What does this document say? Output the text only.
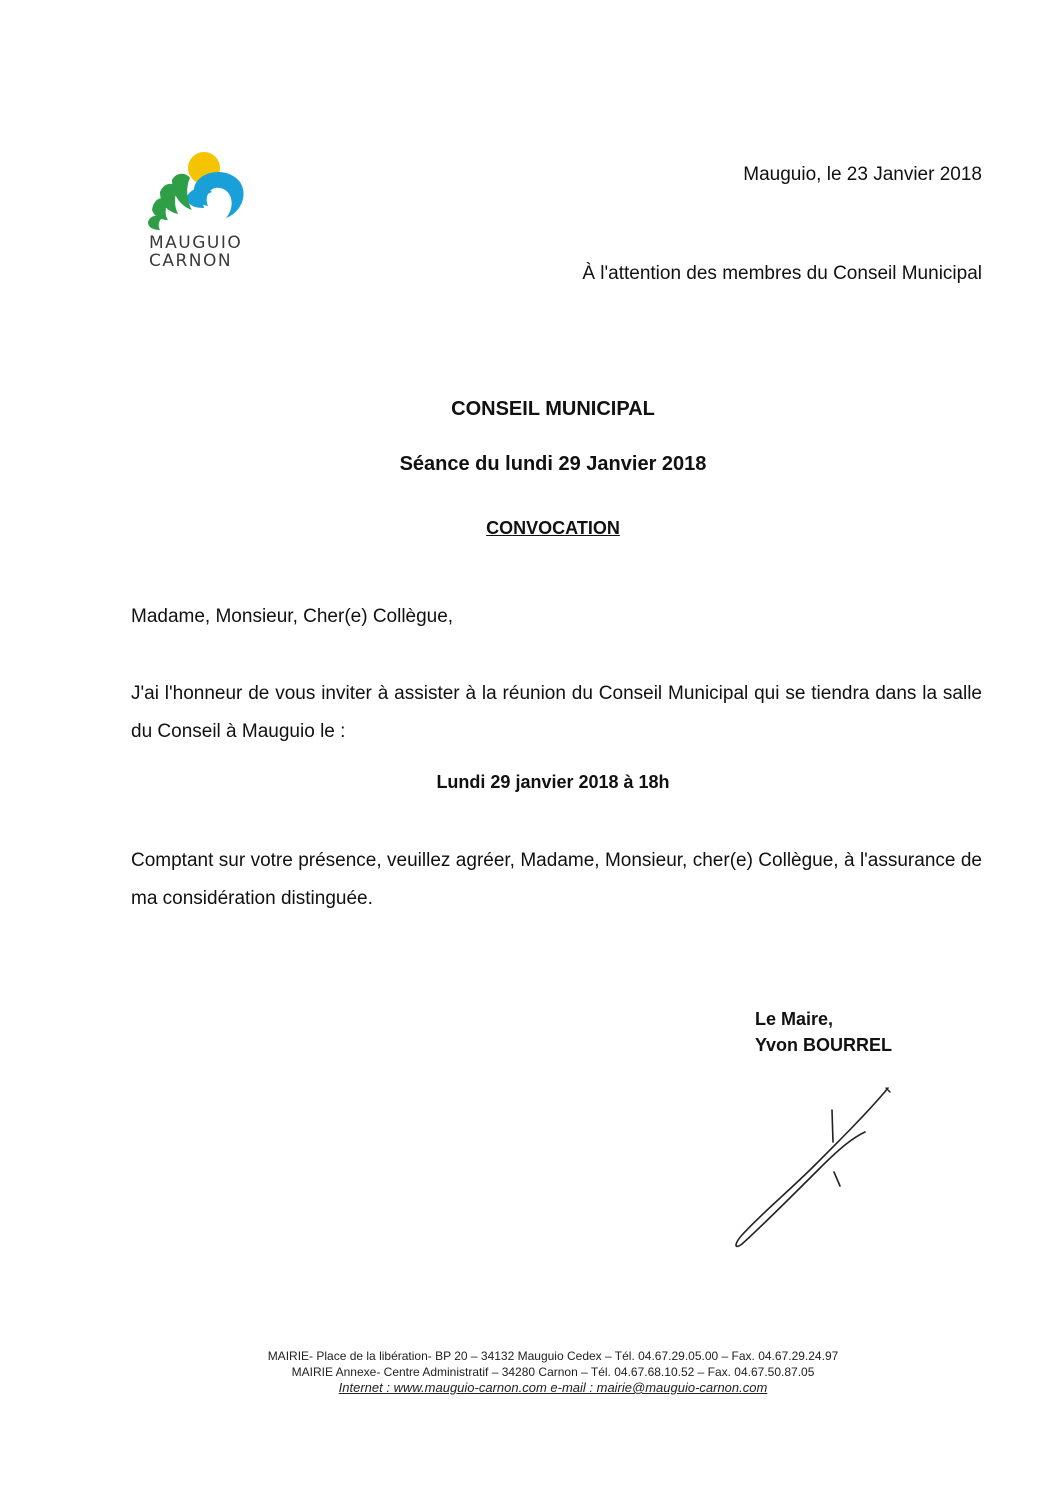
MAUGUIO
CARNON
Mauguio, le 23 Janvier 2018
À l'attention des membres du Conseil Municipal
CONSEIL MUNICIPAL
Séance du lundi 29 Janvier 2018
CONVOCATION
Madame, Monsieur, Cher(e) Collègue,
J'ai l'honneur de vous inviter à assister à la réunion du Conseil Municipal qui se tiendra dans la salle du Conseil à Mauguio le :
Lundi 29 janvier 2018 à 18h
Comptant sur votre présence, veuillez agréer, Madame, Monsieur, cher(e) Collègue, à l'assurance de ma considération distinguée.
Le Maire,
Yvon BOURREL
MAIRIE- Place de la libération- BP 20 – 34132 Mauguio Cedex – Tél. 04.67.29.05.00 – Fax. 04.67.29.24.97
MAIRIE Annexe- Centre Administratif – 34280 Carnon – Tél. 04.67.68.10.52 – Fax. 04.67.50.87.05
Internet : www.mauguio-carnon.com e-mail : mairie@mauguio-carnon.com
